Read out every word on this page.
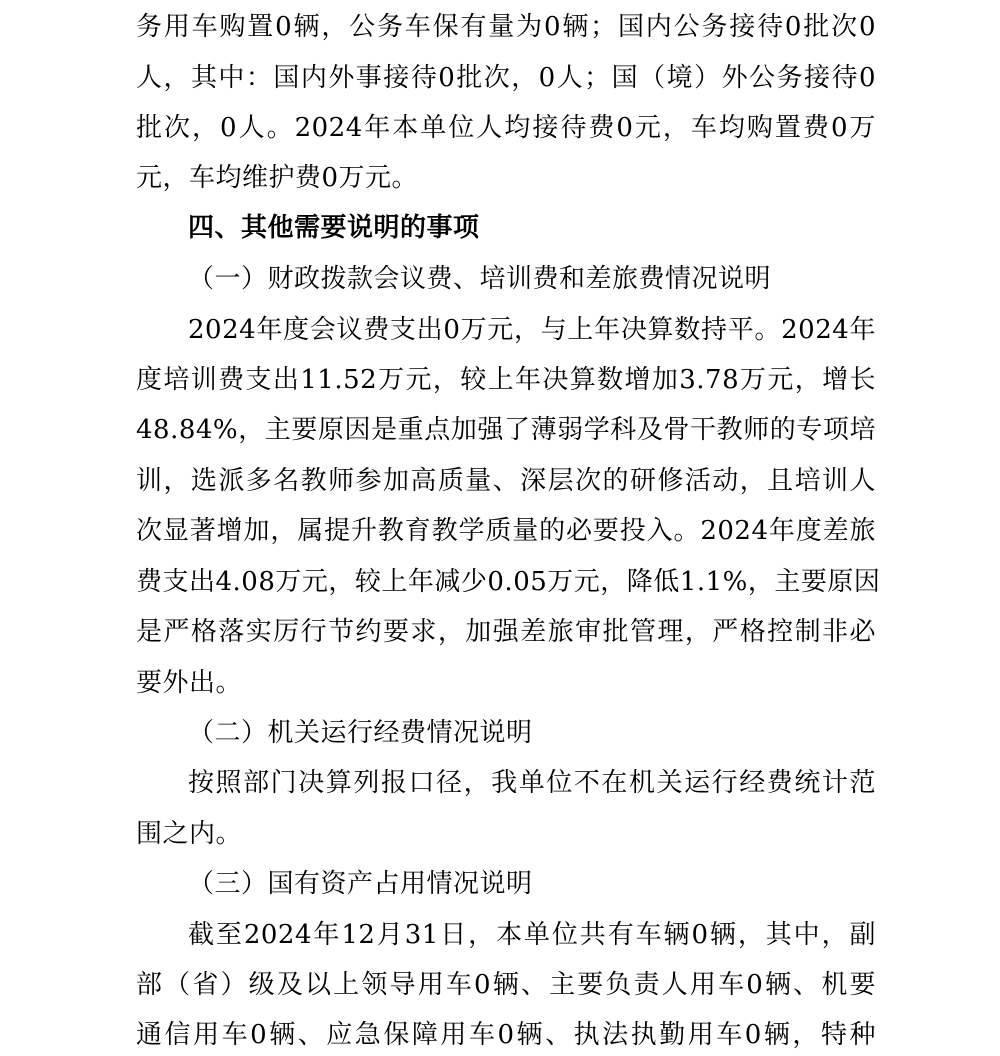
务用车购置0辆，公务车保有量为0辆；国内公务接待0批次0
人，其中：国内外事接待0批次，0人；国（境）外公务接待0
批次，0人。2024年本单位人均接待费0元，车均购置费0万
元，车均维护费0万元。
四、其他需要说明的事项
（一）财政拨款会议费、培训费和差旅费情况说明
2024年度会议费支出0万元，与上年决算数持平。2024年
度培训费支出11.52万元，较上年决算数增加3.78万元，增长
48.84%，主要原因是重点加强了薄弱学科及骨干教师的专项培
训，选派多名教师参加高质量、深层次的研修活动，且培训人
次显著增加，属提升教育教学质量的必要投入。2024年度差旅
费支出4.08万元，较上年减少0.05万元，降低1.1%，主要原因
是严格落实厉行节约要求，加强差旅审批管理，严格控制非必
要外出。
（二）机关运行经费情况说明
按照部门决算列报口径，我单位不在机关运行经费统计范
围之内。
（三）国有资产占用情况说明
截至2024年12月31日，本单位共有车辆0辆，其中，副
部（省）级及以上领导用车0辆、主要负责人用车0辆、机要
通信用车0辆、应急保障用车0辆、执法执勤用车0辆，特种
